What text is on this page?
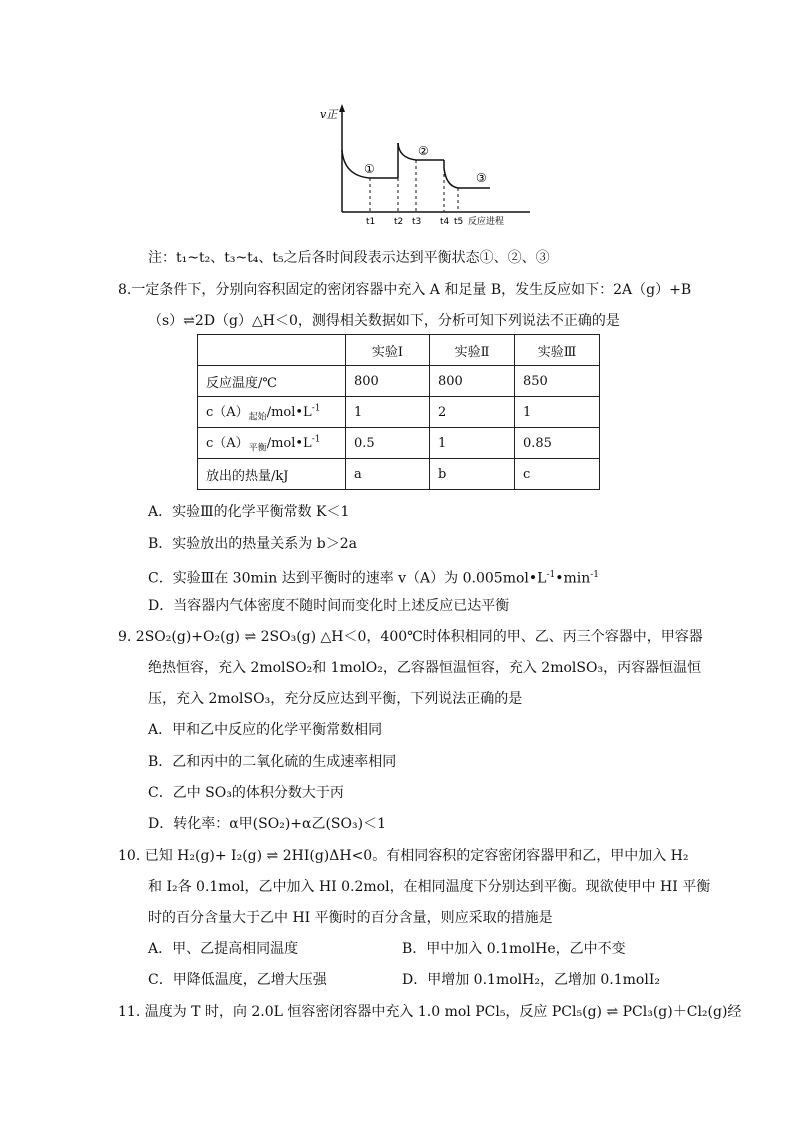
v正
①
②
③
t1 t2 t3 t4 t5 反应进程
注：t₁~t₂、t₃~t₄、t₅之后各时间段表示达到平衡状态①、②、③
8.一定条件下，分别向容积固定的密闭容器中充入 A 和足量 B，发生反应如下：2A（g）+B
（s）⇌2D（g）△H＜0，测得相关数据如下，分析可知下列说法不正确的是
	实验Ⅰ	实验Ⅱ	实验Ⅲ
反应温度/℃	800	800	850
$c(A)_{起始}/mol•L^{-1}$	1	2	1
$c(A)_{平衡}/mol•L^{-1}$	0.5	1	0.85
放出的热量/kJ	a	b	c
A．实验Ⅲ的化学平衡常数 K＜1
B．实验放出的热量关系为 b＞2a
C．实验Ⅲ在 30min 达到平衡时的速率 v（A）为 $0.005mol•L^{-1}•\min^{-1}$
D．当容器内气体密度不随时间而变化时上述反应已达平衡
9. 2SO₂(g)+O₂(g) ⇌ 2SO₃(g) △H＜0，400℃时体积相同的甲、乙、丙三个容器中，甲容器
绝热恒容，充入 2molSO₂和 1molO₂，乙容器恒温恒容，充入 2molSO₃，丙容器恒温恒
压，充入 2molSO₃，充分反应达到平衡，下列说法正确的是
A．甲和乙中反应的化学平衡常数相同
B．乙和丙中的二氧化硫的生成速率相同
C．乙中 SO₃的体积分数大于丙
D．转化率：α甲(SO₂)+α乙(SO₃)＜1
10. 已知 H₂(g)+ I₂(g) ⇌ 2HI(g)ΔH<0。有相同容积的定容密闭容器甲和乙，甲中加入 H₂
和 I₂各 0.1mol，乙中加入 HI 0.2mol，在相同温度下分别达到平衡。现欲使甲中 HI 平衡
时的百分含量大于乙中 HI 平衡时的百分含量，则应采取的措施是
A．甲、乙提高相同温度	B．甲中加入 0.1molHe，乙中不变
C．甲降低温度，乙增大压强	D．甲增加 0.1molH₂，乙增加 0.1molI₂
11. 温度为 T 时，向 2.0L 恒容密闭容器中充入 1.0 mol PCl₅，反应 PCl₅(g) ⇌ PCl₃(g)＋Cl₂(g)经
